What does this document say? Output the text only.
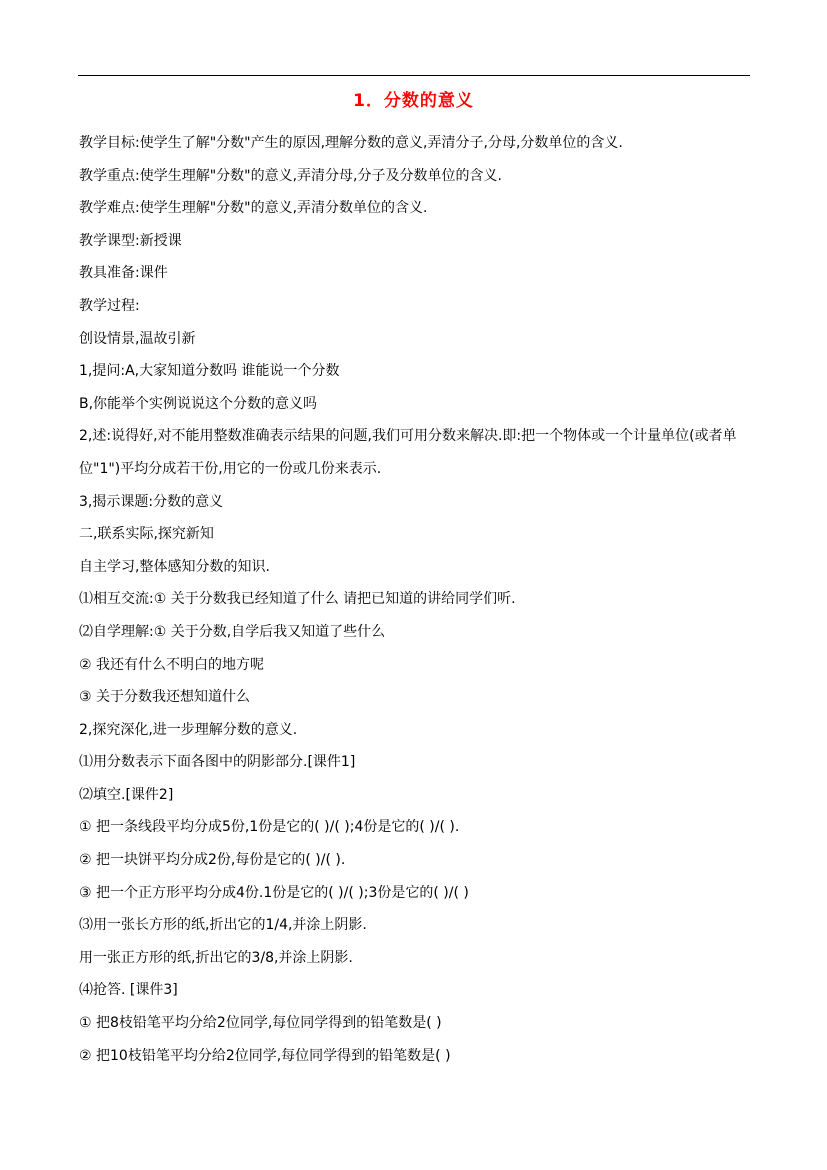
1．分数的意义
教学目标:使学生了解"分数"产生的原因,理解分数的意义,弄清分子,分母,分数单位的含义.
教学重点:使学生理解"分数"的意义,弄清分母,分子及分数单位的含义.
教学难点:使学生理解"分数"的意义,弄清分数单位的含义.
教学课型:新授课
教具准备:课件
教学过程:
创设情景,温故引新
1,提问:A,大家知道分数吗 谁能说一个分数
B,你能举个实例说说这个分数的意义吗
2,述:说得好,对不能用整数准确表示结果的问题,我们可用分数来解决.即:把一个物体或一个计量单位(或者单位"1")平均分成若干份,用它的一份或几份来表示.
3,揭示课题:分数的意义
二,联系实际,探究新知
自主学习,整体感知分数的知识.
⑴相互交流:① 关于分数我已经知道了什么 请把已知道的讲给同学们听.
⑵自学理解:① 关于分数,自学后我又知道了些什么
② 我还有什么不明白的地方呢
③ 关于分数我还想知道什么
2,探究深化,进一步理解分数的意义.
⑴用分数表示下面各图中的阴影部分.[课件1]
⑵填空.[课件2]
① 把一条线段平均分成5份,1份是它的( )/( );4份是它的( )/( ).
② 把一块饼平均分成2份,每份是它的( )/( ).
③ 把一个正方形平均分成4份.1份是它的( )/( );3份是它的( )/( )
⑶用一张长方形的纸,折出它的1/4,并涂上阴影.
用一张正方形的纸,折出它的3/8,并涂上阴影.
⑷抢答. [课件3]
① 把8枝铅笔平均分给2位同学,每位同学得到的铅笔数是( )
② 把10枝铅笔平均分给2位同学,每位同学得到的铅笔数是( )
